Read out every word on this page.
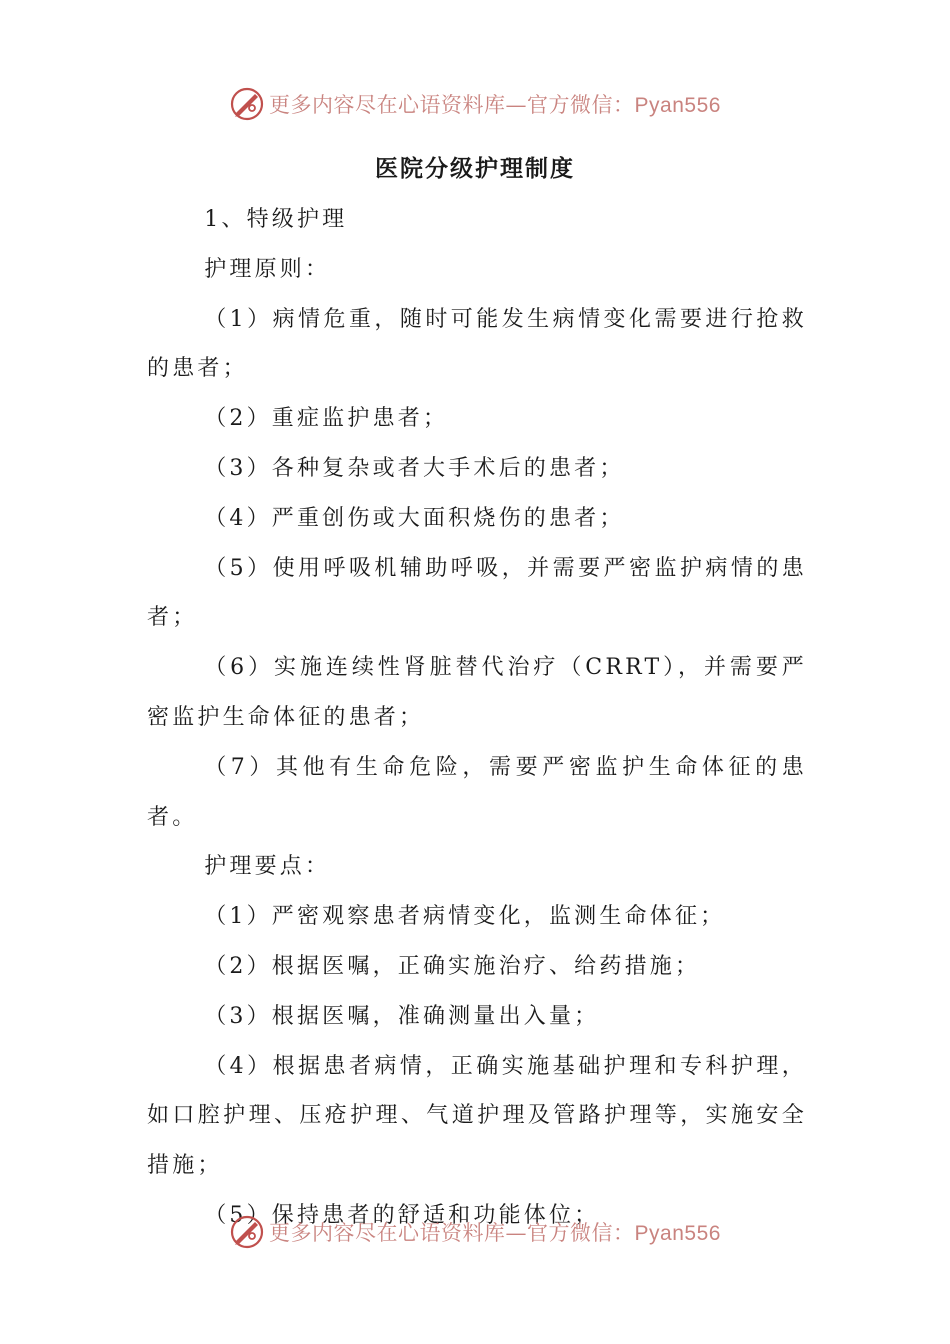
更多内容尽在心语资料库—官方微信：Pyan556
医院分级护理制度

1、特级护理

护理原则：

（1）病情危重，随时可能发生病情变化需要进行抢救的患者；

（2）重症监护患者；

（3）各种复杂或者大手术后的患者；

（4）严重创伤或大面积烧伤的患者；

（5）使用呼吸机辅助呼吸，并需要严密监护病情的患者；

（6）实施连续性肾脏替代治疗（CRRT），并需要严密监护生命体征的患者；

（7）其他有生命危险，需要严密监护生命体征的患者。

护理要点：

（1）严密观察患者病情变化，监测生命体征；

（2）根据医嘱，正确实施治疗、给药措施；

（3）根据医嘱，准确测量出入量；

（4）根据患者病情，正确实施基础护理和专科护理，如口腔护理、压疮护理、气道护理及管路护理等，实施安全措施；

（5）保持患者的舒适和功能体位；

更多内容尽在心语资料库—官方微信：Pyan556
